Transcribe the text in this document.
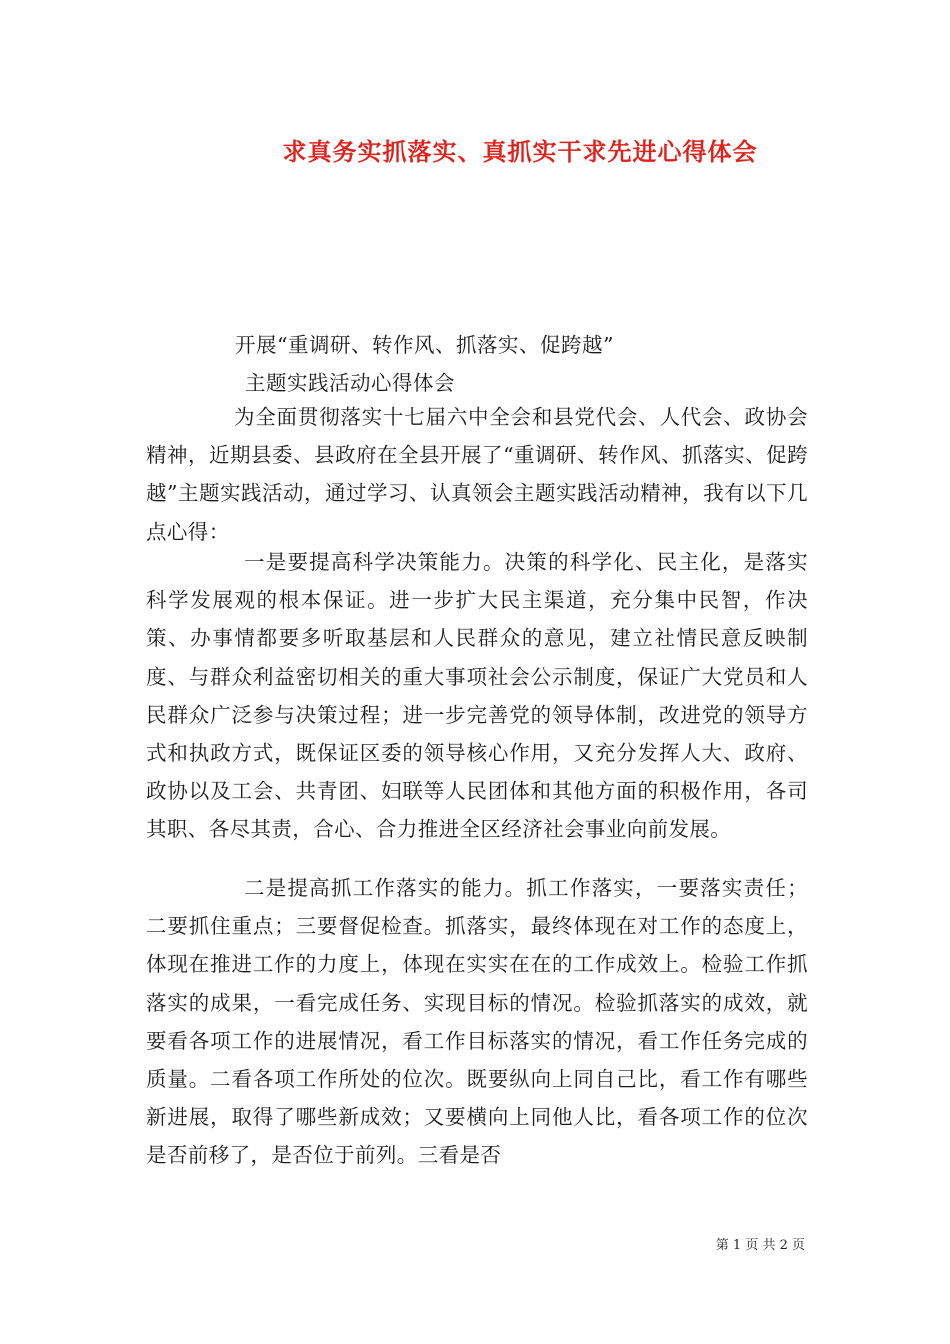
求真务实抓落实、真抓实干求先进心得体会
开展“重调研、转作风、抓落实、促跨越”
主题实践活动心得体会
为全面贯彻落实十七届六中全会和县党代会、人代会、政协会精神，近期县委、县政府在全县开展了“重调研、转作风、抓落实、促跨越”主题实践活动，通过学习、认真领会主题实践活动精神，我有以下几点心得：
一是要提高科学决策能力。决策的科学化、民主化，是落实科学发展观的根本保证。进一步扩大民主渠道，充分集中民智，作决策、办事情都要多听取基层和人民群众的意见，建立社情民意反映制度、与群众利益密切相关的重大事项社会公示制度，保证广大党员和人民群众广泛参与决策过程；进一步完善党的领导体制，改进党的领导方式和执政方式，既保证区委的领导核心作用，又充分发挥人大、政府、政协以及工会、共青团、妇联等人民团体和其他方面的积极作用，各司其职、各尽其责，合心、合力推进全区经济社会事业向前发展。
二是提高抓工作落实的能力。抓工作落实，一要落实责任；二要抓住重点；三要督促检查。抓落实，最终体现在对工作的态度上，体现在推进工作的力度上，体现在实实在在的工作成效上。检验工作抓落实的成果，一看完成任务、实现目标的情况。检验抓落实的成效，就要看各项工作的进展情况，看工作目标落实的情况，看工作任务完成的质量。二看各项工作所处的位次。既要纵向上同自己比，看工作有哪些新进展，取得了哪些新成效；又要横向上同他人比，看各项工作的位次是否前移了，是否位于前列。三看是否
第 1 页 共 2 页
